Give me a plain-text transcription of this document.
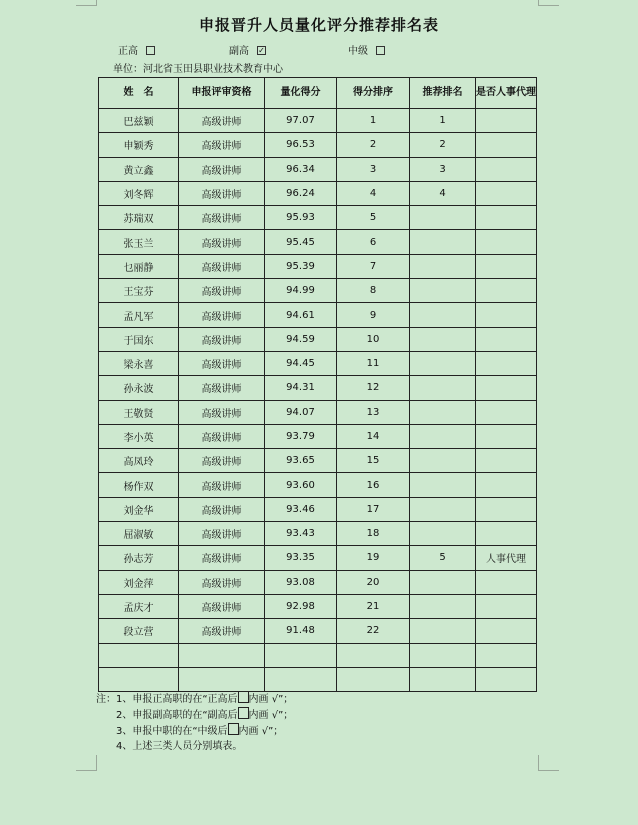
申报晋升人员量化评分推荐排名表
正高	副高 ✓	中级
单位：河北省玉田县职业技术教育中心
姓　名	申报评审资格	量化得分	得分排序	推荐排名	是否人事代理
巴兹颖	高级讲师	97.07	1	1	
申颖秀	高级讲师	96.53	2	2	
黄立鑫	高级讲师	96.34	3	3	
刘冬辉	高级讲师	96.24	4	4	
苏瑞双	高级讲师	95.93	5		
张玉兰	高级讲师	95.45	6		
乜丽静	高级讲师	95.39	7		
王宝芬	高级讲师	94.99	8		
孟凡军	高级讲师	94.61	9		
于国东	高级讲师	94.59	10		
梁永喜	高级讲师	94.45	11		
孙永波	高级讲师	94.31	12		
王敬贤	高级讲师	94.07	13		
李小英	高级讲师	93.79	14		
高凤玲	高级讲师	93.65	15		
杨作双	高级讲师	93.60	16		
刘金华	高级讲师	93.46	17		
屈淑敏	高级讲师	93.43	18		
孙志芳	高级讲师	93.35	19	5	人事代理
刘金萍	高级讲师	93.08	20		
孟庆才	高级讲师	92.98	21		
段立营	高级讲师	91.48	22		

注：1、申报正高职的在“正高后 内画 √”；
2、申报副高职的在“副高后 内画 √”；
3、申报中职的在“中级后 内画 √”；
4、上述三类人员分别填表。
